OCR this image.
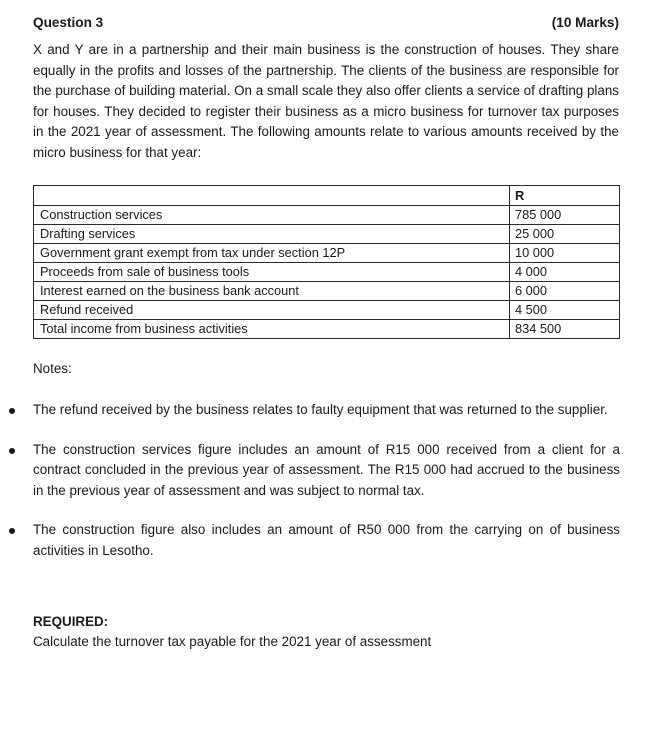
Question 3	(10 Marks)

X and Y are in a partnership and their main business is the construction of houses. They share equally in the profits and losses of the partnership. The clients of the business are responsible for the purchase of building material. On a small scale they also offer clients a service of drafting plans for houses. They decided to register their business as a micro business for turnover tax purposes in the 2021 year of assessment. The following amounts relate to various amounts received by the micro business for that year:

	R
Construction services	785 000
Drafting services	25 000
Government grant exempt from tax under section 12P	10 000
Proceeds from sale of business tools	4 000
Interest earned on the business bank account	6 000
Refund received	4 500
Total income from business activities	834 500

Notes:

The refund received by the business relates to faulty equipment that was returned to the supplier.
The construction services figure includes an amount of R15 000 received from a client for a contract concluded in the previous year of assessment. The R15 000 had accrued to the business in the previous year of assessment and was subject to normal tax.
The construction figure also includes an amount of R50 000 from the carrying on of business activities in Lesotho.
REQUIRED:
Calculate the turnover tax payable for the 2021 year of assessment
